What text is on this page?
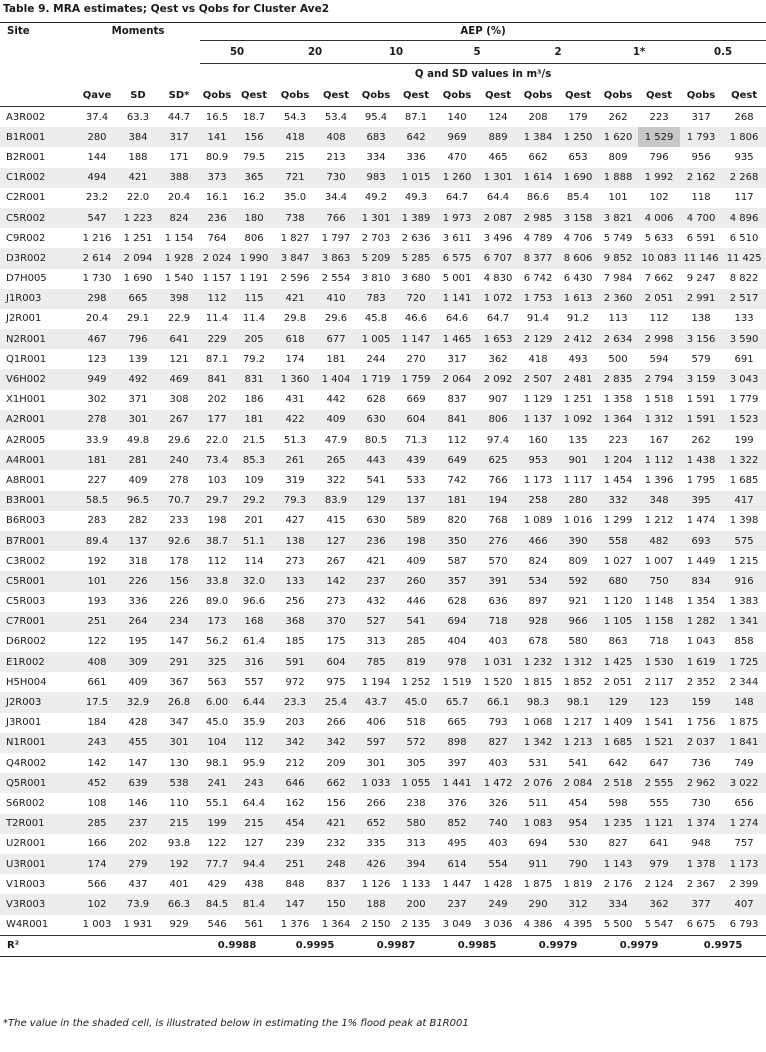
Table 9. MRA estimates; Qest vs Qobs for Cluster Ave2
Site	Moments			AEP (%)													
				50		20		10		5		2		1*		0.5	
				Q and SD values in m³/s													
	Qave	SD	SD*	Qobs	Qest	Qobs	Qest	Qobs	Qest	Qobs	Qest	Qobs	Qest	Qobs	Qest	Qobs	Qest
A3R002	37.4	63.3	44.7	16.5	18.7	54.3	53.4	95.4	87.1	140	124	208	179	262	223	317	268
B1R001	280	384	317	141	156	418	408	683	642	969	889	1 384	1 250	1 620	1 529	1 793	1 806
B2R001	144	188	171	80.9	79.5	215	213	334	336	470	465	662	653	809	796	956	935
C1R002	494	421	388	373	365	721	730	983	1 015	1 260	1 301	1 614	1 690	1 888	1 992	2 162	2 268
C2R001	23.2	22.0	20.4	16.1	16.2	35.0	34.4	49.2	49.3	64.7	64.4	86.6	85.4	101	102	118	117
C5R002	547	1 223	824	236	180	738	766	1 301	1 389	1 973	2 087	2 985	3 158	3 821	4 006	4 700	4 896
C9R002	1 216	1 251	1 154	764	806	1 827	1 797	2 703	2 636	3 611	3 496	4 789	4 706	5 749	5 633	6 591	6 510
D3R002	2 614	2 094	1 928	2 024	1 990	3 847	3 863	5 209	5 285	6 575	6 707	8 377	8 606	9 852	10 083	11 146	11 425
D7H005	1 730	1 690	1 540	1 157	1 191	2 596	2 554	3 810	3 680	5 001	4 830	6 742	6 430	7 984	7 662	9 247	8 822
J1R003	298	665	398	112	115	421	410	783	720	1 141	1 072	1 753	1 613	2 360	2 051	2 991	2 517
J2R001	20.4	29.1	22.9	11.4	11.4	29.8	29.6	45.8	46.6	64.6	64.7	91.4	91.2	113	112	138	133
N2R001	467	796	641	229	205	618	677	1 005	1 147	1 465	1 653	2 129	2 412	2 634	2 998	3 156	3 590
Q1R001	123	139	121	87.1	79.2	174	181	244	270	317	362	418	493	500	594	579	691
V6H002	949	492	469	841	831	1 360	1 404	1 719	1 759	2 064	2 092	2 507	2 481	2 835	2 794	3 159	3 043
X1H001	302	371	308	202	186	431	442	628	669	837	907	1 129	1 251	1 358	1 518	1 591	1 779
A2R001	278	301	267	177	181	422	409	630	604	841	806	1 137	1 092	1 364	1 312	1 591	1 523
A2R005	33.9	49.8	29.6	22.0	21.5	51.3	47.9	80.5	71.3	112	97.4	160	135	223	167	262	199
A4R001	181	281	240	73.4	85.3	261	265	443	439	649	625	953	901	1 204	1 112	1 438	1 322
A8R001	227	409	278	103	109	319	322	541	533	742	766	1 173	1 117	1 454	1 396	1 795	1 685
B3R001	58.5	96.5	70.7	29.7	29.2	79.3	83.9	129	137	181	194	258	280	332	348	395	417
B6R003	283	282	233	198	201	427	415	630	589	820	768	1 089	1 016	1 299	1 212	1 474	1 398
B7R001	89.4	137	92.6	38.7	51.1	138	127	236	198	350	276	466	390	558	482	693	575
C3R002	192	318	178	112	114	273	267	421	409	587	570	824	809	1 027	1 007	1 449	1 215
C5R001	101	226	156	33.8	32.0	133	142	237	260	357	391	534	592	680	750	834	916
C5R003	193	336	226	89.0	96.6	256	273	432	446	628	636	897	921	1 120	1 148	1 354	1 383
C7R001	251	264	234	173	168	368	370	527	541	694	718	928	966	1 105	1 158	1 282	1 341
D6R002	122	195	147	56.2	61.4	185	175	313	285	404	403	678	580	863	718	1 043	858
E1R002	408	309	291	325	316	591	604	785	819	978	1 031	1 232	1 312	1 425	1 530	1 619	1 725
H5H004	661	409	367	563	557	972	975	1 194	1 252	1 519	1 520	1 815	1 852	2 051	2 117	2 352	2 344
J2R003	17.5	32.9	26.8	6.00	6.44	23.3	25.4	43.7	45.0	65.7	66.1	98.3	98.1	129	123	159	148
J3R001	184	428	347	45.0	35.9	203	266	406	518	665	793	1 068	1 217	1 409	1 541	1 756	1 875
N1R001	243	455	301	104	112	342	342	597	572	898	827	1 342	1 213	1 685	1 521	2 037	1 841
Q4R002	142	147	130	98.1	95.9	212	209	301	305	397	403	531	541	642	647	736	749
Q5R001	452	639	538	241	243	646	662	1 033	1 055	1 441	1 472	2 076	2 084	2 518	2 555	2 962	3 022
S6R002	108	146	110	55.1	64.4	162	156	266	238	376	326	511	454	598	555	730	656
T2R001	285	237	215	199	215	454	421	652	580	852	740	1 083	954	1 235	1 121	1 374	1 274
U2R001	166	202	93.8	122	127	239	232	335	313	495	403	694	530	827	641	948	757
U3R001	174	279	192	77.7	94.4	251	248	426	394	614	554	911	790	1 143	979	1 378	1 173
V1R003	566	437	401	429	438	848	837	1 126	1 133	1 447	1 428	1 875	1 819	2 176	2 124	2 367	2 399
V3R003	102	73.9	66.3	84.5	81.4	147	150	188	200	237	249	290	312	334	362	377	407
W4R001	1 003	1 931	929	546	561	1 376	1 364	2 150	2 135	3 049	3 036	4 386	4 395	5 500	5 547	6 675	6 793
R²				0.9988		0.9995		0.9987		0.9985		0.9979		0.9979		0.9975	
*The value in the shaded cell, is illustrated below in estimating the 1% flood peak at B1R001
